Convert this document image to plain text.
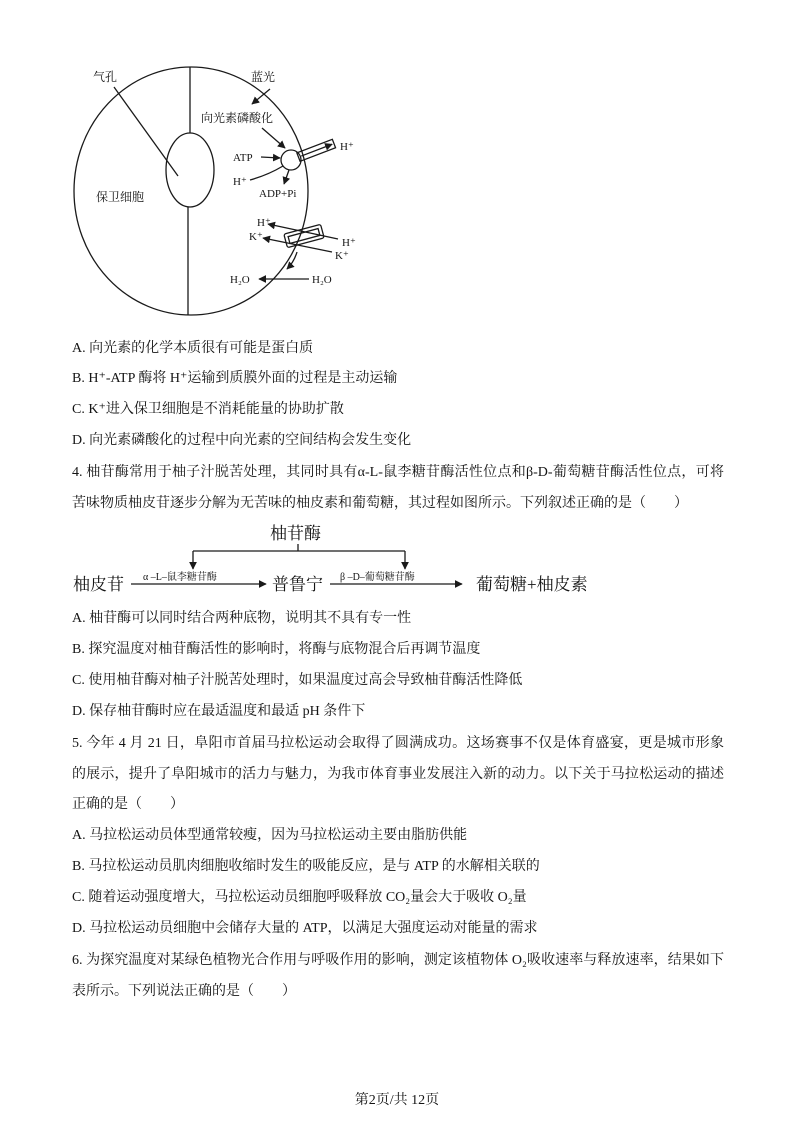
气孔
保卫细胞
蓝光
向光素磷酸化
H⁺
ATP
H⁺
ADP+Pi
H⁺
K⁺	H⁺
K⁺
H₂O	H₂O
A. 向光素的化学本质很有可能是蛋白质
B. H⁺-ATP 酶将 H⁺运输到质膜外面的过程是主动运输
C. K⁺进入保卫细胞是不消耗能量的协助扩散
D. 向光素磷酸化的过程中向光素的空间结构会发生变化
4. 柚苷酶常用于柚子汁脱苦处理，其同时具有α-L-鼠李糖苷酶活性位点和β-D-葡萄糖苷酶活性位点，可将
苦味物质柚皮苷逐步分解为无苦味的柚皮素和葡萄糖，其过程如图所示。下列叙述正确的是（　　）
柚苷酶
柚皮苷 α –L–鼠李糖苷酶	普鲁宁 β –D–葡萄糖苷酶	葡萄糖+柚皮素
A. 柚苷酶可以同时结合两种底物，说明其不具有专一性
B. 探究温度对柚苷酶活性的影响时，将酶与底物混合后再调节温度
C. 使用柚苷酶对柚子汁脱苦处理时，如果温度过高会导致柚苷酶活性降低
D. 保存柚苷酶时应在最适温度和最适 pH 条件下
5. 今年 4 月 21 日，阜阳市首届马拉松运动会取得了圆满成功。这场赛事不仅是体育盛宴，更是城市形象
的展示，提升了阜阳城市的活力与魅力，为我市体育事业发展注入新的动力。以下关于马拉松运动的描述
正确的是（　　）
A. 马拉松运动员体型通常较瘦，因为马拉松运动主要由脂肪供能
B. 马拉松运动员肌肉细胞收缩时发生的吸能反应，是与 ATP 的水解相关联的
C. 随着运动强度增大，马拉松运动员细胞呼吸释放 CO₂量会大于吸收 O₂量
D. 马拉松运动员细胞中会储存大量的 ATP，以满足大强度运动对能量的需求
6. 为探究温度对某绿色植物光合作用与呼吸作用的影响，测定该植物体 O₂吸收速率与释放速率，结果如下
表所示。下列说法正确的是（　　）
第2页/共 12页
